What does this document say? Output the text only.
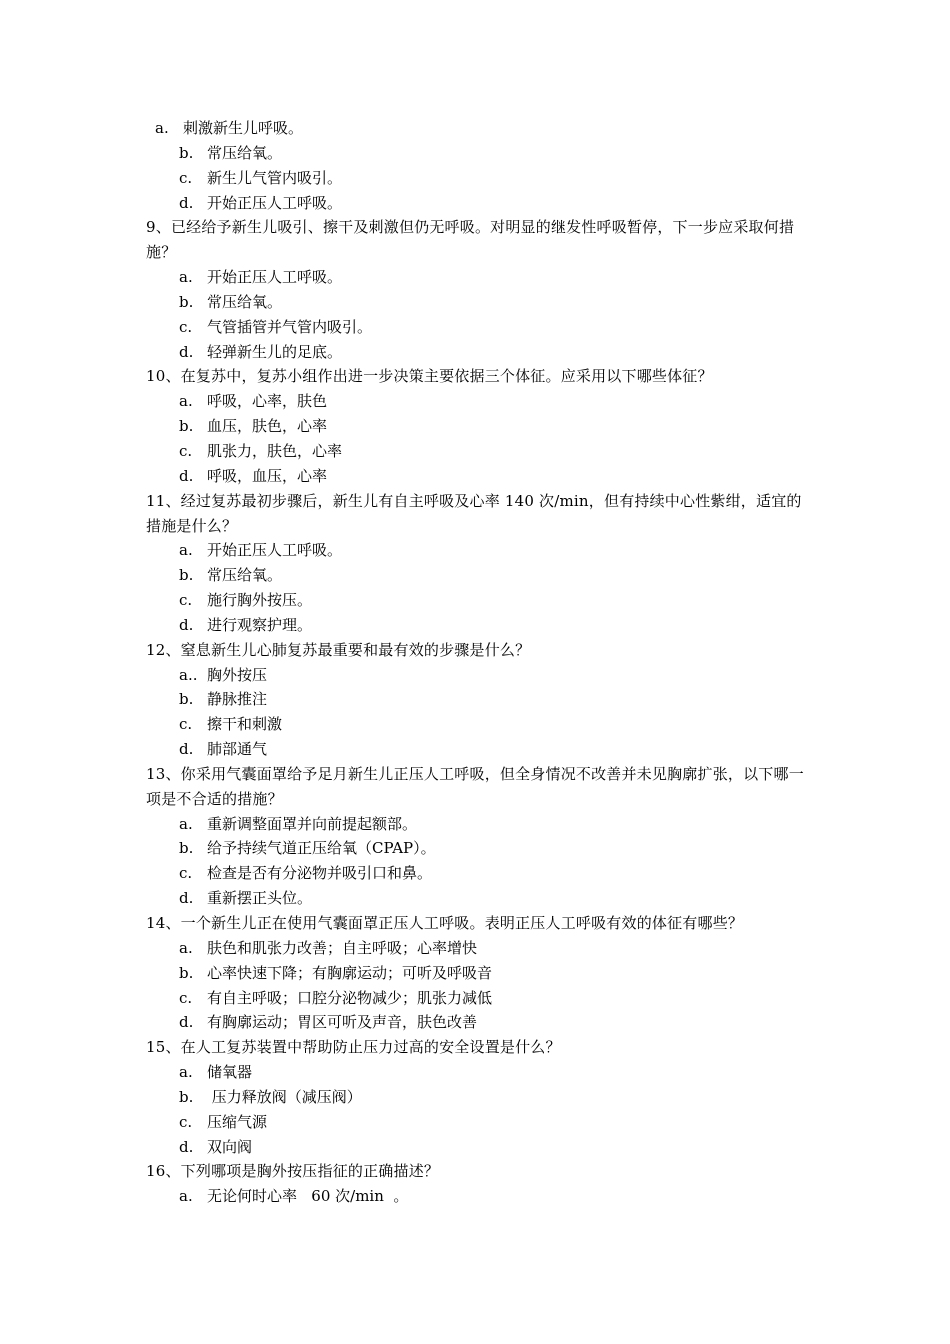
a. 刺激新生儿呼吸。
b. 常压给氧。
c. 新生儿气管内吸引。
d. 开始正压人工呼吸。
9、已经给予新生儿吸引、擦干及刺激但仍无呼吸。对明显的继发性呼吸暂停，下一步应采取何措施？
a. 开始正压人工呼吸。
b. 常压给氧。
c. 气管插管并气管内吸引。
d. 轻弹新生儿的足底。
10、在复苏中，复苏小组作出进一步决策主要依据三个体征。应采用以下哪些体征？
a. 呼吸，心率，肤色
b. 血压，肤色，心率
c. 肌张力，肤色，心率
d. 呼吸，血压，心率
11、经过复苏最初步骤后，新生儿有自主呼吸及心率 140 次/min，但有持续中心性紫绀，适宜的措施是什么？
a. 开始正压人工呼吸。
b. 常压给氧。
c. 施行胸外按压。
d. 进行观察护理。
12、窒息新生儿心肺复苏最重要和最有效的步骤是什么？
a.. 胸外按压
b. 静脉推注
c. 擦干和刺激
d. 肺部通气
13、你采用气囊面罩给予足月新生儿正压人工呼吸，但全身情况不改善并未见胸廓扩张，以下哪一项是不合适的措施？
a. 重新调整面罩并向前提起额部。
b. 给予持续气道正压给氧（CPAP）。
c. 检查是否有分泌物并吸引口和鼻。
d. 重新摆正头位。
14、一个新生儿正在使用气囊面罩正压人工呼吸。表明正压人工呼吸有效的体征有哪些？
a. 肤色和肌张力改善；自主呼吸；心率增快
b. 心率快速下降；有胸廓运动；可听及呼吸音
c. 有自主呼吸；口腔分泌物减少；肌张力减低
d. 有胸廓运动；胃区可听及声音，肤色改善
15、在人工复苏装置中帮助防止压力过高的安全设置是什么？
a. 储氧器
b. 压力释放阀（减压阀）
c. 压缩气源
d. 双向阀
16、下列哪项是胸外按压指征的正确描述？
a. 无论何时心率   60 次/min  。
